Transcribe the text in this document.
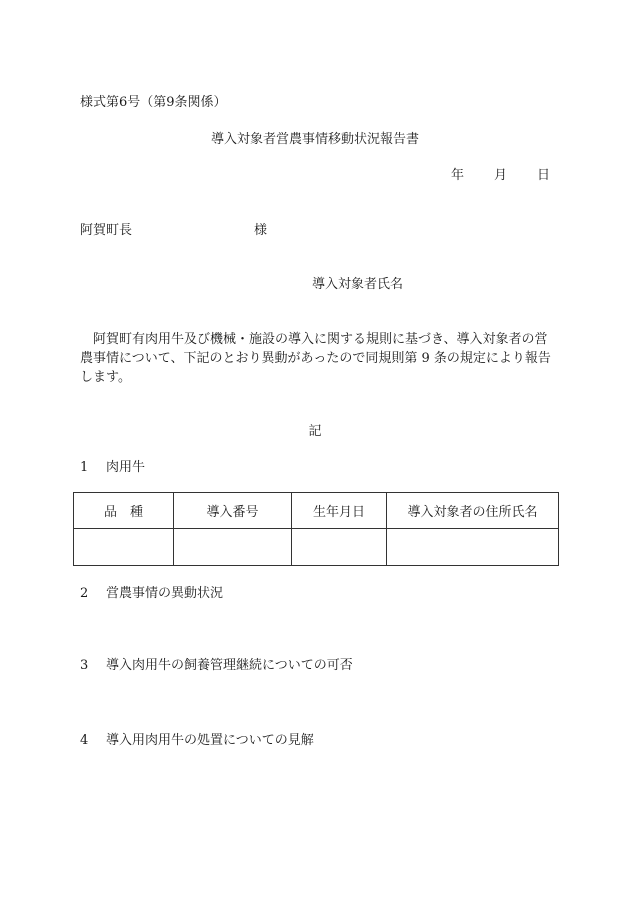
様式第6号（第9条関係）
導入対象者営農事情移動状況報告書
年 月 日
阿賀町長	様
導入対象者氏名
阿賀町有肉用牛及び機械・施設の導入に関する規則に基づき、導入対象者の営農事情について、下記のとおり異動があったので同規則第 9 条の規定により報告します。
記
1 肉用牛
品　種	導入番号	生年月日	導入対象者の住所氏名

2 営農事情の異動状況
3 導入肉用牛の飼養管理継続についての可否
4 導入用肉用牛の処置についての見解
